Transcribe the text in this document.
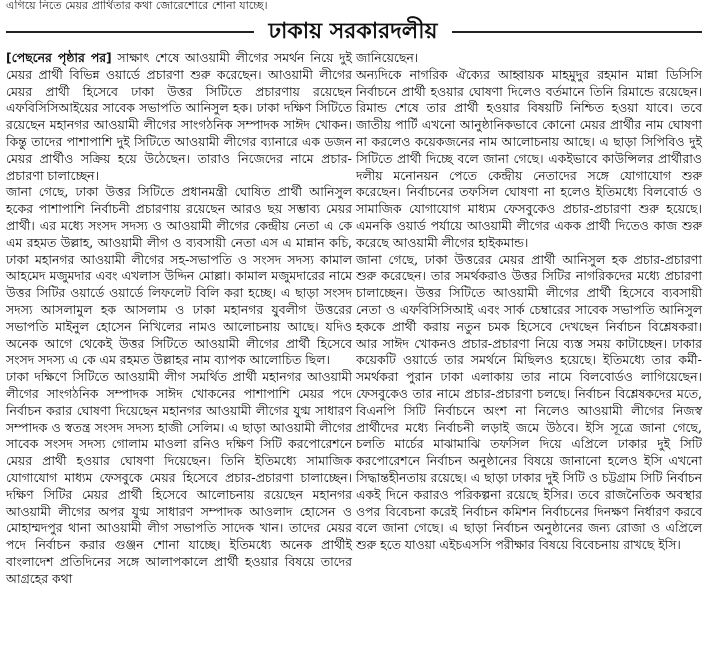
এগিয়ে নিতে মেয়র প্রার্থিতার কথা জোরেশোরে শোনা যাচ্ছে।
ঢাকায় সরকারদলীয়

[পেছনের পৃষ্ঠার পর] সাক্ষাৎ শেষে আওয়ামী লীগের সমর্থন নিয়ে দুই মেয়র প্রার্থী বিভিন্ন ওয়ার্ডে প্রচারণা শুরু করেছেন। আওয়ামী লীগের মেয়র প্রার্থী হিসেবে ঢাকা উত্তর সিটিতে প্রচারণায় রয়েছেন এফবিসিসিআইয়ের সাবেক সভাপতি আনিসুল হক। ঢাকা দক্ষিণ সিটিতে রয়েছেন মহানগর আওয়ামী লীগের সাংগঠনিক সম্পাদক সাঈদ খোকন। কিন্তু তাদের পাশাপাশি দুই সিটিতে আওয়ামী লীগের ব্যানারে এক ডজন মেয়র প্রার্থীও সক্রিয় হয়ে উঠেছেন। তারাও নিজেদের নামে প্রচার-প্রচারণা চালাচ্ছেন।

জানা গেছে, ঢাকা উত্তর সিটিতে প্রধানমন্ত্রী ঘোষিত প্রার্থী আনিসুল হকের পাশাপাশি নির্বাচনী প্রচারণায় রয়েছেন আরও ছয় সম্ভাব্য মেয়র প্রার্থী। এর মধ্যে সংসদ সদস্য ও আওয়ামী লীগের কেন্দ্রীয় নেতা এ কে এম রহমত উল্লাহ, আওয়ামী লীগ ও ব্যবসায়ী নেতা এস এ মান্নান কচি, ঢাকা মহানগর আওয়ামী লীগের সহ-সভাপতি ও সংসদ সদস্য কামাল আহমেদ মজুমদার এবং এখলাস উদ্দিন মোল্লা। কামাল মজুমদারের নামে উত্তর সিটির ওয়ার্ডে ওয়ার্ডে লিফলেট বিলি করা হচ্ছে। এ ছাড়া সংসদ সদস্য আসলামুল হক আসলাম ও ঢাকা মহানগর যুবলীগ উত্তরের সভাপতি মাইনুল হোসেন নিখিলের নামও আলোচনায় আছে। যদিও অনেক আগে থেকেই উত্তর সিটিতে আওয়ামী লীগের প্রার্থী হিসেবে সংসদ সদস্য এ কে এম রহমত উল্লাহর নাম ব্যাপক আলোচিত ছিল।

ঢাকা দক্ষিণে সিটিতে আওয়ামী লীগ সমর্থিত প্রার্থী মহানগর আওয়ামী লীগের সাংগঠনিক সম্পাদক সাঈদ খোকনের পাশাপাশি মেয়র পদে নির্বাচন করার ঘোষণা দিয়েছেন মহানগর আওয়ামী লীগের যুগ্ম সাধারণ সম্পাদক ও স্বতন্ত্র সংসদ সদস্য হাজী সেলিম। এ ছাড়া আওয়ামী লীগের সাবেক সংসদ সদস্য গোলাম মাওলা রনিও দক্ষিণ সিটি করপোরেশনে মেয়র প্রার্থী হওয়ার ঘোষণা দিয়েছেন। তিনি ইতিমধ্যে সামাজিক যোগাযোগ মাধ্যম ফেসবুকে মেয়র হিসেবে প্রচার-প্রচারণা চালাচ্ছেন। দক্ষিণ সিটির মেয়র প্রার্থী হিসেবে আলোচনায় রয়েছেন মহানগর আওয়ামী লীগের অপর যুগ্ম সাধারণ সম্পাদক আওলাদ হোসেন ও মোহাম্মদপুর থানা আওয়ামী লীগ সভাপতি সাদেক খান। তাদের মেয়র পদে নির্বাচন করার গুঞ্জন শোনা যাচ্ছে। ইতিমধ্যে অনেক প্রার্থীই বাংলাদেশ প্রতিদিনের সঙ্গে আলাপকালে প্রার্থী হওয়ার বিষয়ে তাদের আগ্রহের কথা

জানিয়েছেন।

অন্যদিকে নাগরিক ঐক্যের আহ্বায়ক মাহমুদুর রহমান মান্না ডিসিসি নির্বাচনে প্রার্থী হওয়ার ঘোষণা দিলেও বর্তমানে তিনি রিমান্ডে রয়েছেন। রিমান্ড শেষে তার প্রার্থী হওয়ার বিষয়টি নিশ্চিত হওয়া যাবে। তবে জাতীয় পার্টি এখনো আনুষ্ঠানিকভাবে কোনো মেয়র প্রার্থীর নাম ঘোষণা না করলেও কয়েকজনের নাম আলোচনায় আছে। এ ছাড়া সিপিবিও দুই সিটিতে প্রার্থী দিচ্ছে বলে জানা গেছে। একইভাবে কাউন্সিলর প্রার্থীরাও দলীয় মনোনয়ন পেতে কেন্দ্রীয় নেতাদের সঙ্গে যোগাযোগ শুরু করেছেন। নির্বাচনের তফসিল ঘোষণা না হলেও ইতিমধ্যে বিলবোর্ড ও সামাজিক যোগাযোগ মাধ্যম ফেসবুকেও প্রচার-প্রচারণা শুরু হয়েছে। এমনকি ওয়ার্ড পর্যায়ে আওয়ামী লীগের একক প্রার্থী দিতেও কাজ শুরু করেছে আওয়ামী লীগের হাইকমান্ড।

জানা গেছে, ঢাকা উত্তরের মেয়র প্রার্থী আনিসুল হক প্রচার-প্রচারণা শুরু করেছেন। তার সমর্থকরাও উত্তর সিটির নাগরিকদের মধ্যে প্রচারণা চালাচ্ছেন। উত্তর সিটিতে আওয়ামী লীগের প্রার্থী হিসেবে ব্যবসায়ী নেতা ও এফবিসিসিআই এবং সার্ক চেম্বারের সাবেক সভাপতি আনিসুল হককে প্রার্থী করায় নতুন চমক হিসেবে দেখছেন নির্বাচন বিশ্লেষকরা। আর সাঈদ খোকনও প্রচার-প্রচারণা নিয়ে ব্যস্ত সময় কাটাচ্ছেন। ঢাকার কয়েকটি ওয়ার্ডে তার সমর্থনে মিছিলও হয়েছে। ইতিমধ্যে তার কর্মী-সমর্থকরা পুরান ঢাকা এলাকায় তার নামে বিলবোর্ডও লাগিয়েছেন। ফেসবুকেও তার নামে প্রচার-প্রচারণা চলছে। নির্বাচন বিশ্লেষকদের মতে, বিএনপি সিটি নির্বাচনে অংশ না নিলেও আওয়ামী লীগের নিজস্ব প্রার্থীদের মধ্যে নির্বাচনী লড়াই জমে উঠবে। ইসি সূত্রে জানা গেছে, চলতি মার্চের মাঝামাঝি তফসিল দিয়ে এপ্রিলে ঢাকার দুই সিটি করপোরেশনে নির্বাচন অনুষ্ঠানের বিষয়ে জানানো হলেও ইসি এখনো সিদ্ধান্তহীনতায় রয়েছে। এ ছাড়া ঢাকার দুই সিটি ও চট্টগ্রাম সিটি নির্বাচন একই দিনে করারও পরিকল্পনা রয়েছে ইসির। তবে রাজনৈতিক অবস্থার ওপর বিবেচনা করেই নির্বাচন কমিশন নির্বাচনের দিনক্ষণ নির্ধারণ করবে বলে জানা গেছে। এ ছাড়া নির্বাচন অনুষ্ঠানের জন্য রোজা ও এপ্রিলে শুরু হতে যাওয়া এইচএসসি পরীক্ষার বিষয়ে বিবেচনায় রাখছে ইসি।
